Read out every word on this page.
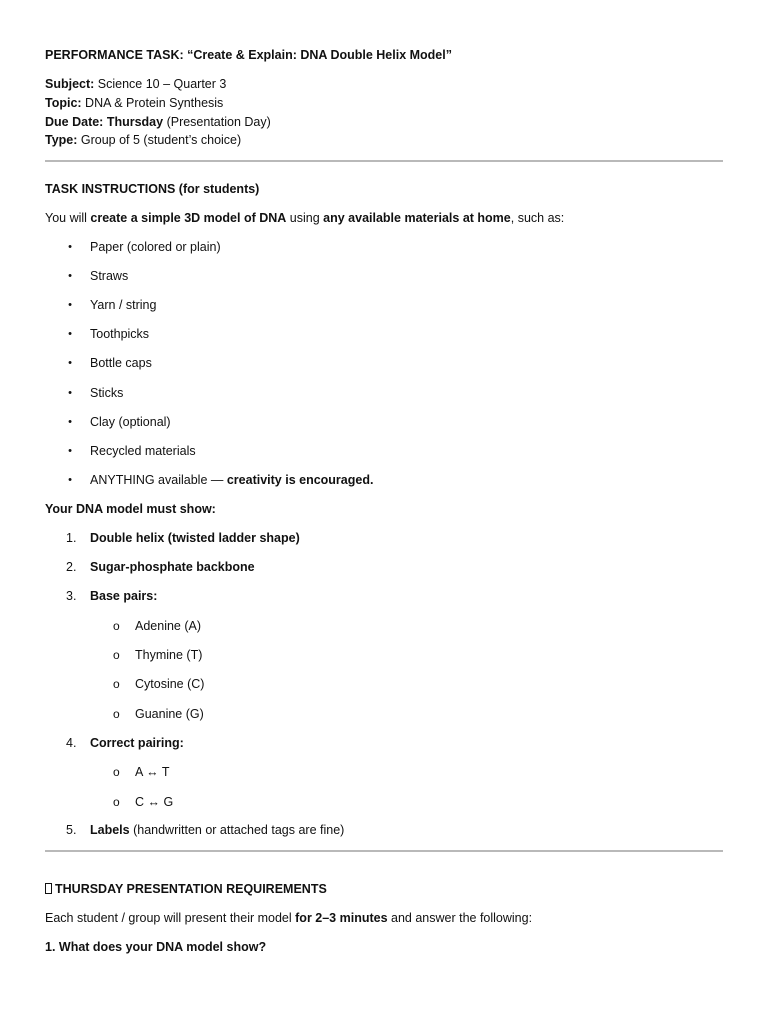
PERFORMANCE TASK: “Create & Explain: DNA Double Helix Model”
Subject: Science 10 – Quarter 3
Topic: DNA & Protein Synthesis
Due Date: Thursday (Presentation Day)
Type: Group of 5 (student’s choice)
TASK INSTRUCTIONS (for students)
You will create a simple 3D model of DNA using any available materials at home, such as:
• Paper (colored or plain)
• Straws
• Yarn / string
• Toothpicks
• Bottle caps
• Sticks
• Clay (optional)
• Recycled materials
• ANYTHING available — creativity is encouraged.
Your DNA model must show:
1. Double helix (twisted ladder shape)
2. Sugar-phosphate backbone
3. Base pairs:
o Adenine (A)
o Thymine (T)
o Cytosine (C)
o Guanine (G)
4. Correct pairing:
o A ↔ T
o C ↔ G
5. Labels (handwritten or attached tags are fine)
THURSDAY PRESENTATION REQUIREMENTS
Each student / group will present their model for 2–3 minutes and answer the following:
1. What does your DNA model show?
